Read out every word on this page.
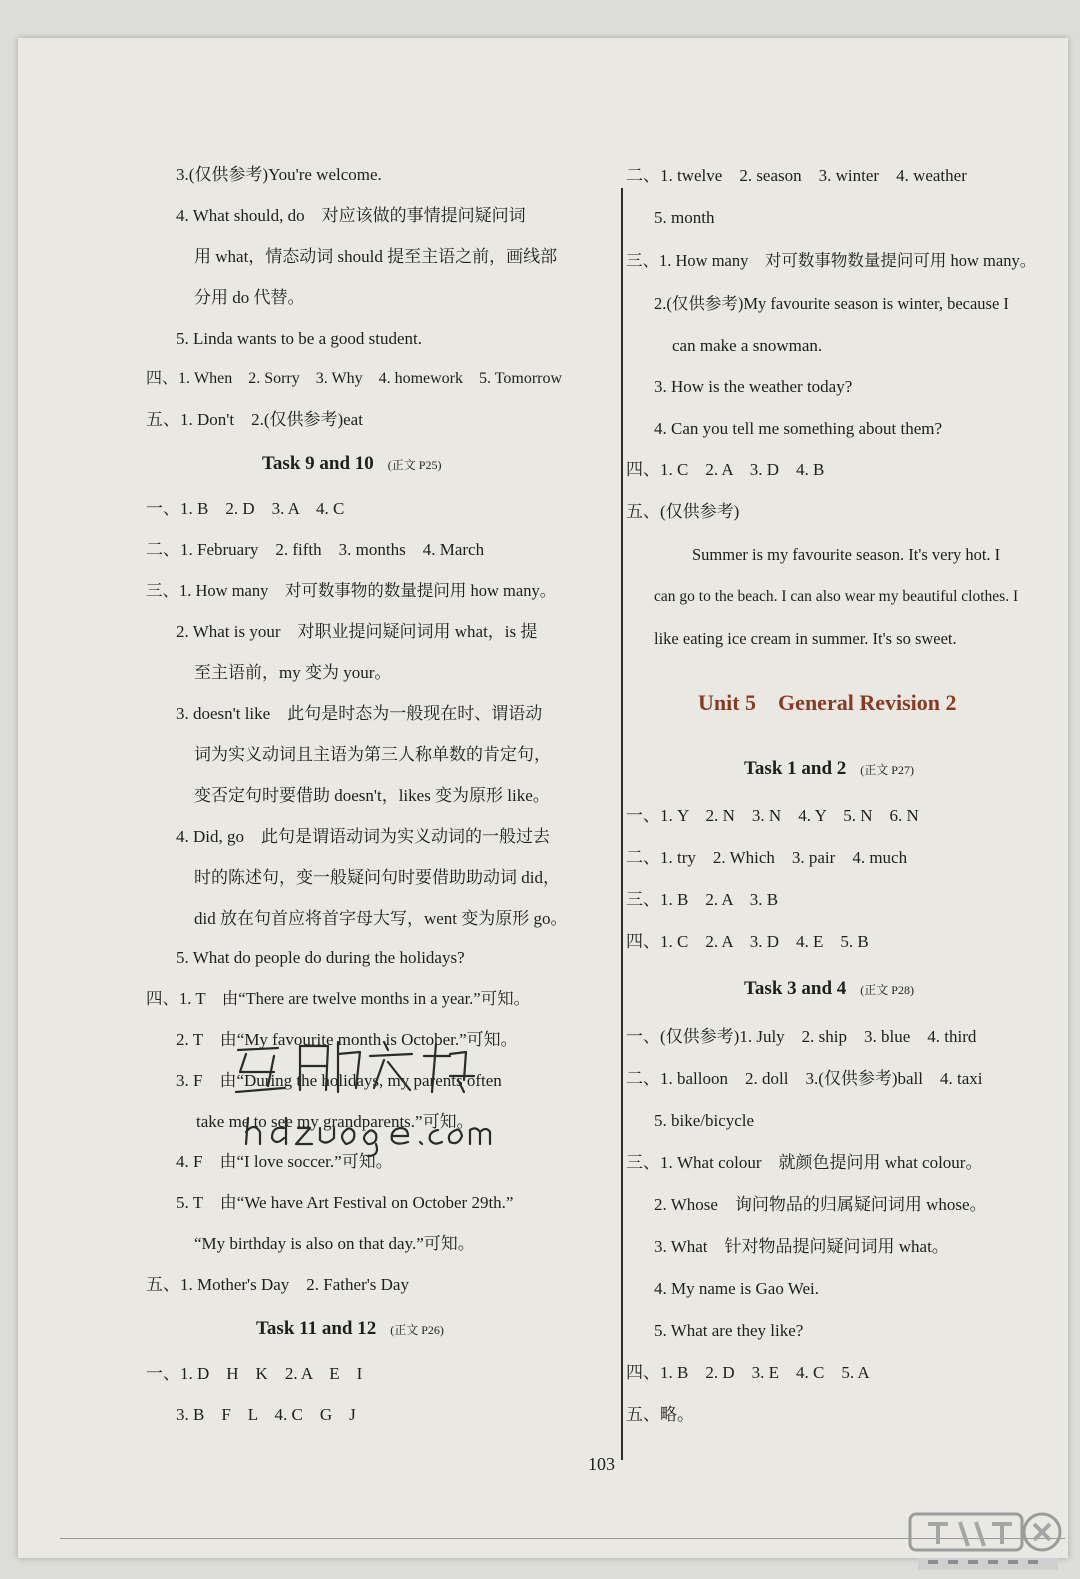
3.(仅供参考)You're welcome.
4. What should, do　对应该做的事情提问疑问词
用 what，情态动词 should 提至主语之前，画线部
分用 do 代替。
5. Linda wants to be a good student.
四、1. When　2. Sorry　3. Why　4. homework　5. Tomorrow
五、1. Don't　2.(仅供参考)eat
Task 9 and 10 (正文 P25)
一、1. B　2. D　3. A　4. C
二、1. February　2. fifth　3. months　4. March
三、1. How many　对可数事物的数量提问用 how many。
2. What is your　对职业提问疑问词用 what，is 提
至主语前，my 变为 your。
3. doesn't like　此句是时态为一般现在时、谓语动
词为实义动词且主语为第三人称单数的肯定句，
变否定句时要借助 doesn't，likes 变为原形 like。
4. Did, go　此句是谓语动词为实义动词的一般过去
时的陈述句，变一般疑问句时要借助助动词 did，
did 放在句首应将首字母大写，went 变为原形 go。
5. What do people do during the holidays?
四、1. T　由“There are twelve months in a year.”可知。
2. T　由“My favourite month is October.”可知。
3. F　由“During the holidays, my parents often
take me to see my grandparents.”可知。
4. F　由“I love soccer.”可知。
5. T　由“We have Art Festival on October 29th.”
“My birthday is also on that day.”可知。
五、1. Mother's Day　2. Father's Day
Task 11 and 12 (正文 P26)
一、1. D　H　K　2. A　E　I
3. B　F　L　4. C　G　J
二、1. twelve　2. season　3. winter　4. weather
5. month
三、1. How many　对可数事物数量提问可用 how many。
2.(仅供参考)My favourite season is winter, because I
can make a snowman.
3. How is the weather today?
4. Can you tell me something about them?
四、1. C　2. A　3. D　4. B
五、(仅供参考)
Summer is my favourite season. It's very hot. I
can go to the beach. I can also wear my beautiful clothes. I
like eating ice cream in summer. It's so sweet.
Unit 5　General Revision 2
Task 1 and 2 (正文 P27)
一、1. Y　2. N　3. N　4. Y　5. N　6. N
二、1. try　2. Which　3. pair　4. much
三、1. B　2. A　3. B
四、1. C　2. A　3. D　4. E　5. B
Task 3 and 4 (正文 P28)
一、(仅供参考)1. July　2. ship　3. blue　4. third
二、1. balloon　2. doll　3.(仅供参考)ball　4. taxi
5. bike/bicycle
三、1. What colour　就颜色提问用 what colour。
2. Whose　询问物品的归属疑问词用 whose。
3. What　针对物品提问疑问词用 what。
4. My name is Gao Wei.
5. What are they like?
四、1. B　2. D　3. E　4. C　5. A
五、略。
103
